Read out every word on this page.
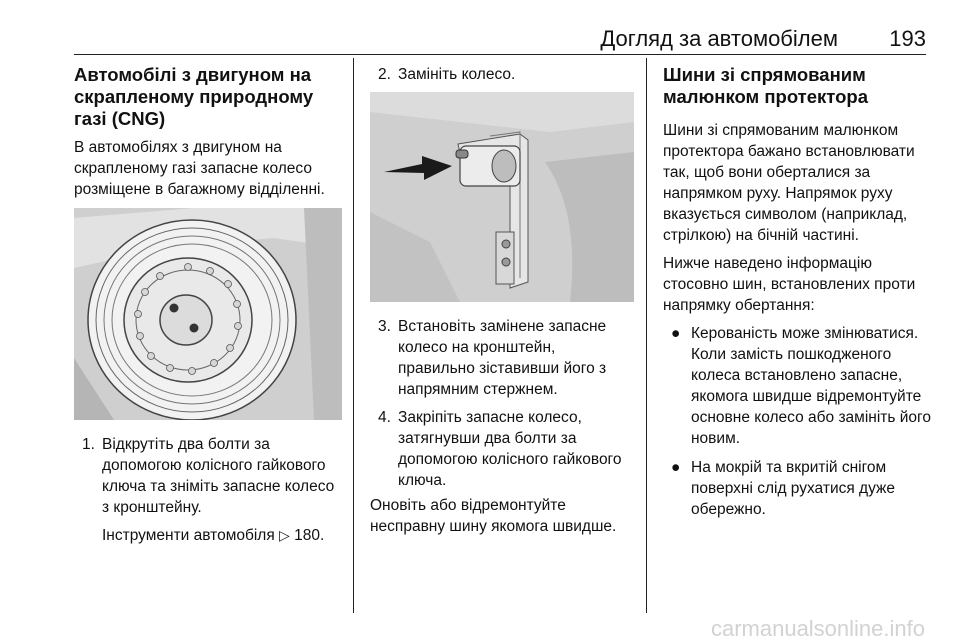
Догляд за автомобілем	193
Автомобілі з двигуном на скрапленому природному газі (CNG)

В автомобілях з двигуном на скрапленому газі запасне колесо розміщене в багажному відділенні.

1. Відкрутіть два болти за допомогою колісного гайкового ключа та зніміть запасне колесо з кронштейну.
Інструменти автомобіля ▷ 180.
2. Замініть колесо.
3. Встановіть замінене запасне колесо на кронштейн, правильно зіставивши його з напрямним стержнем.
4. Закріпіть запасне колесо, затягнувши два болти за допомогою колісного гайкового ключа.

Оновіть або відремонтуйте несправну шину якомога швидше.

Шини зі спрямованим малюнком протектора

Шини зі спрямованим малюнком протектора бажано встановлювати так, щоб вони оберталися за напрямком руху. Напрямок руху вказується символом (наприклад, стрілкою) на бічній частині.

Нижче наведено інформацію стосовно шин, встановлених проти напрямку обертання:

● Керованість може змінюватися. Коли замість пошкодженого колеса встановлено запасне, якомога швидше відремонтуйте основне колесо або замініть його новим.
● На мокрій та вкритій снігом поверхні слід рухатися дуже обережно.
carmanualsonline.info
